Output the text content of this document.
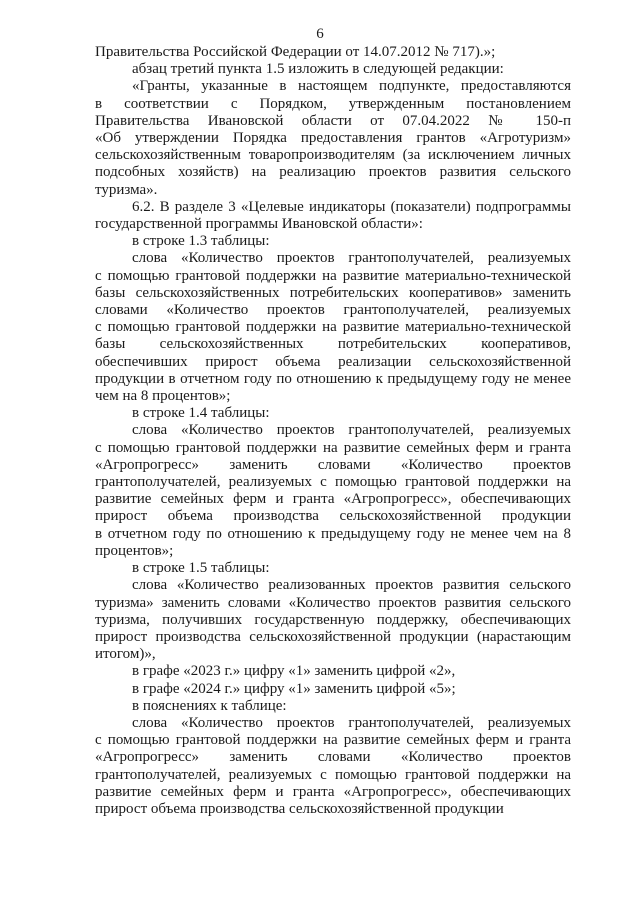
6

Правительства Российской Федерации от 14.07.2012 № 717).»;

абзац третий пункта 1.5 изложить в следующей редакции:

«Гранты, указанные в настоящем подпункте, предоставляются
в соответствии с Порядком, утвержденным постановлением
Правительства Ивановской области от 07.04.2022 № 150-п
«Об утверждении Порядка предоставления грантов «Агротуризм»
сельскохозяйственным товаропроизводителям (за исключением личных
подсобных хозяйств) на реализацию проектов развития сельского
туризма».

6.2. В разделе 3 «Целевые индикаторы (показатели) подпрограммы
государственной программы Ивановской области»:

в строке 1.3 таблицы:

слова «Количество проектов грантополучателей, реализуемых
с помощью грантовой поддержки на развитие материально-технической
базы сельскохозяйственных потребительских кооперативов» заменить
словами «Количество проектов грантополучателей, реализуемых
с помощью грантовой поддержки на развитие материально-технической
базы сельскохозяйственных потребительских кооперативов,
обеспечивших прирост объема реализации сельскохозяйственной
продукции в отчетном году по отношению к предыдущему году не менее
чем на 8 процентов»;

в строке 1.4 таблицы:

слова «Количество проектов грантополучателей, реализуемых
с помощью грантовой поддержки на развитие семейных ферм и гранта
«Агропрогресс» заменить словами «Количество проектов
грантополучателей, реализуемых с помощью грантовой поддержки на
развитие семейных ферм и гранта «Агропрогресс», обеспечивающих
прирост объема производства сельскохозяйственной продукции
в отчетном году по отношению к предыдущему году не менее чем на 8
процентов»;

в строке 1.5 таблицы:

слова «Количество реализованных проектов развития сельского
туризма» заменить словами «Количество проектов развития сельского
туризма, получивших государственную поддержку, обеспечивающих
прирост производства сельскохозяйственной продукции (нарастающим
итогом)»,

в графе «2023 г.» цифру «1» заменить цифрой «2»,

в графе «2024 г.» цифру «1» заменить цифрой «5»;

в пояснениях к таблице:

слова «Количество проектов грантополучателей, реализуемых
с помощью грантовой поддержки на развитие семейных ферм и гранта
«Агропрогресс» заменить словами «Количество проектов
грантополучателей, реализуемых с помощью грантовой поддержки на
развитие семейных ферм и гранта «Агропрогресс», обеспечивающих
прирост объема производства сельскохозяйственной продукции
